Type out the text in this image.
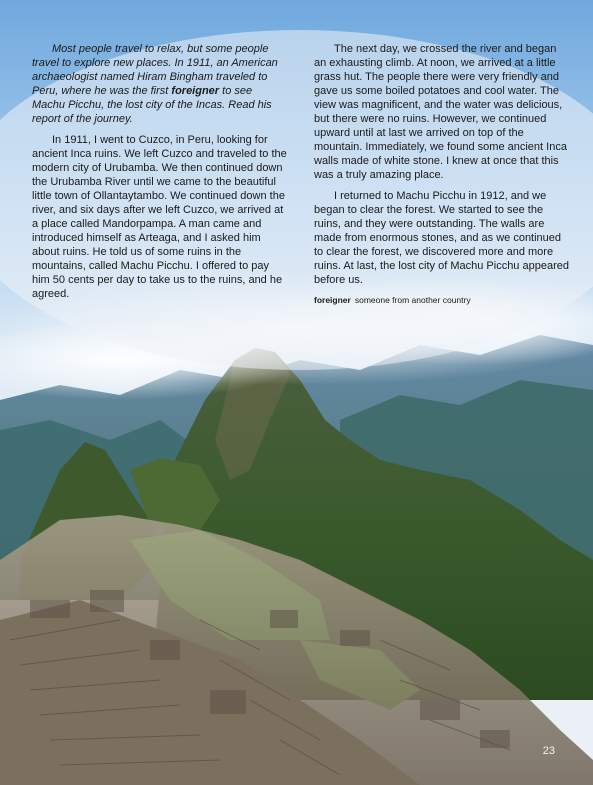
Most people travel to relax, but some people travel to explore new places. In 1911, an American archaeologist named Hiram Bingham traveled to Peru, where he was the first foreigner to see Machu Picchu, the lost city of the Incas. Read his report of the journey.

In 1911, I went to Cuzco, in Peru, looking for ancient Inca ruins. We left Cuzco and traveled to the modern city of Urubamba. We then continued down the Urubamba River until we came to the beautiful little town of Ollantaytambo. We continued down the river, and six days after we left Cuzco, we arrived at a place called Mandorpampa. A man came and introduced himself as Arteaga, and I asked him about ruins. He told us of some ruins in the mountains, called Machu Picchu. I offered to pay him 50 cents per day to take us to the ruins, and he agreed.

The next day, we crossed the river and began an exhausting climb. At noon, we arrived at a little grass hut. The people there were very friendly and gave us some boiled potatoes and cool water. The view was magnificent, and the water was delicious, but there were no ruins. However, we continued upward until at last we arrived on top of the mountain. Immediately, we found some ancient Inca walls made of white stone. I knew at once that this was a truly amazing place.

I returned to Machu Picchu in 1912, and we began to clear the forest. We started to see the ruins, and they were outstanding. The walls are made from enormous stones, and as we continued to clear the forest, we discovered more and more ruins. At last, the lost city of Machu Picchu appeared before us.

foreigner someone from another country
23
